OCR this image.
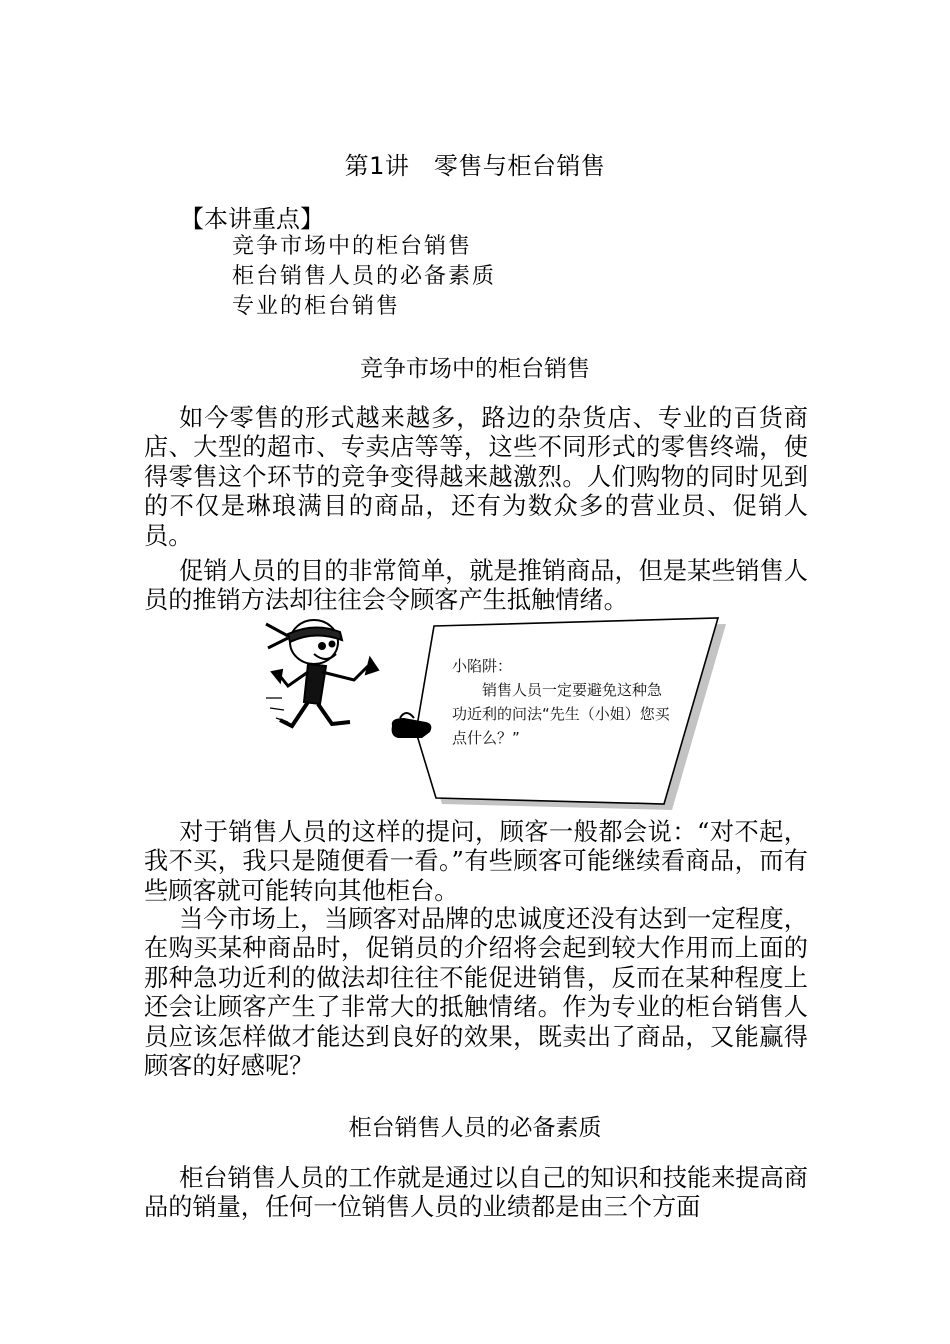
第1讲　零售与柜台销售
【本讲重点】
竞争市场中的柜台销售
柜台销售人员的必备素质
专业的柜台销售
竞争市场中的柜台销售

如今零售的形式越来越多，路边的杂货店、专业的百货商店、大型的超市、专卖店等等，这些不同形式的零售终端，使得零售这个环节的竞争变得越来越激烈。人们购物的同时见到的不仅是琳琅满目的商品，还有为数众多的营业员、促销人员。

促销人员的目的非常简单，就是推销商品，但是某些销售人员的推销方法却往往会令顾客产生抵触情绪。

小陷阱：
销售人员一定要避免这种急功近利的问法“先生（小姐）您买点什么？”

对于销售人员的这样的提问，顾客一般都会说：“对不起，我不买，我只是随便看一看。”有些顾客可能继续看商品，而有些顾客就可能转向其他柜台。

当今市场上，当顾客对品牌的忠诚度还没有达到一定程度，在购买某种商品时，促销员的介绍将会起到较大作用而上面的那种急功近利的做法却往往不能促进销售，反而在某种程度上还会让顾客产生了非常大的抵触情绪。作为专业的柜台销售人员应该怎样做才能达到良好的效果，既卖出了商品，又能赢得顾客的好感呢？

柜台销售人员的必备素质

柜台销售人员的工作就是通过以自己的知识和技能来提高商品的销量，任何一位销售人员的业绩都是由三个方面
